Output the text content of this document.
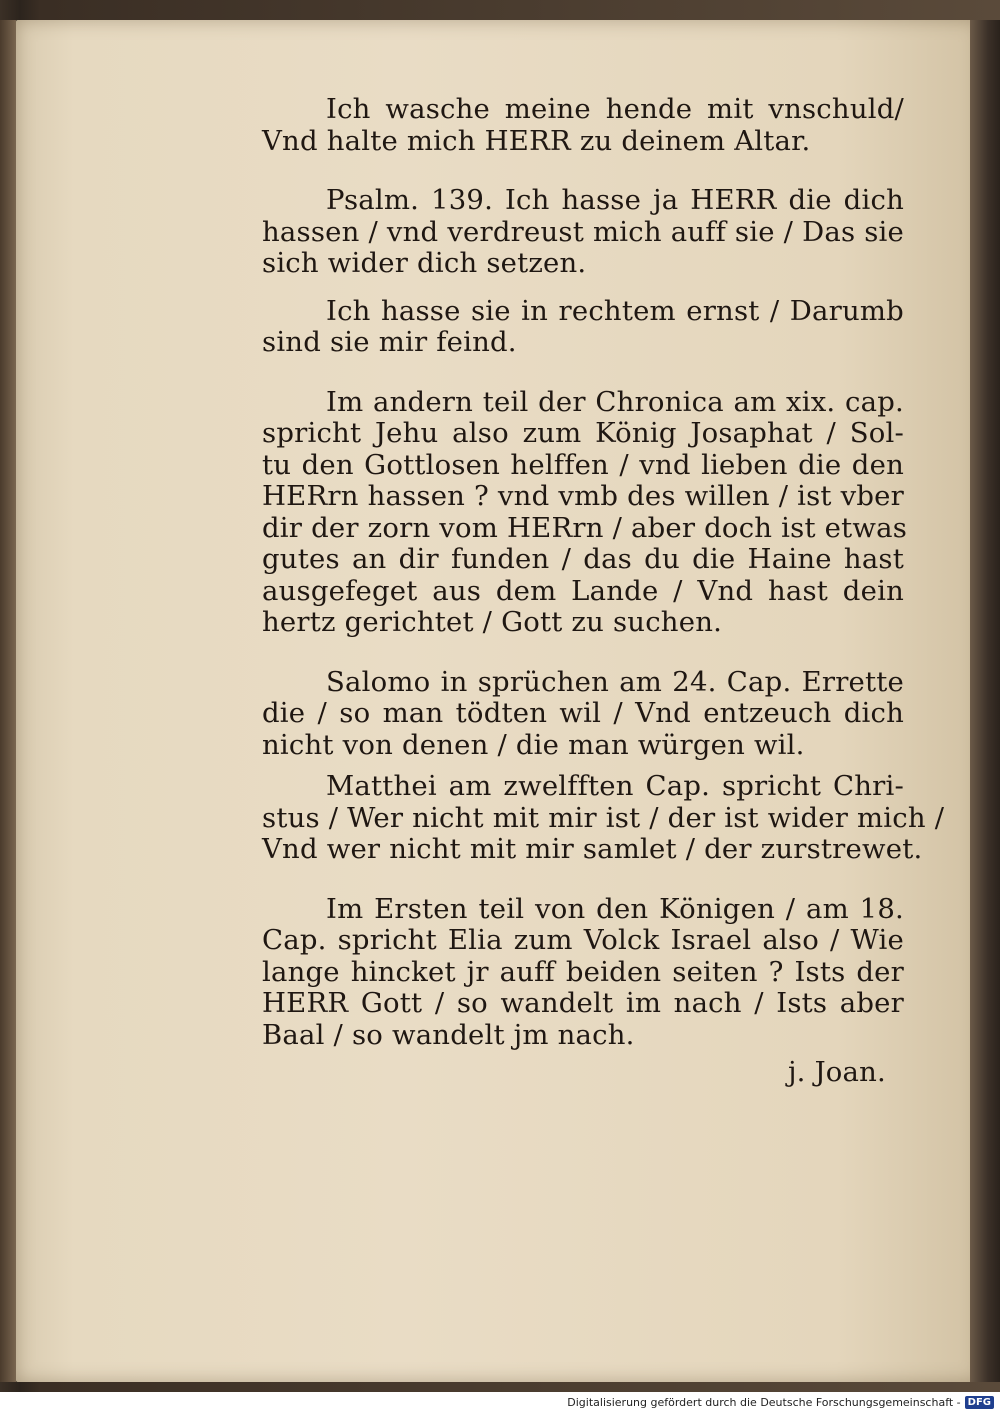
Ich wasche meine hende mit vnschuld/
Vnd halte mich HERR zu deinem Altar.
Psalm. 139. Ich hasse ja HERR die dich
hassen / vnd verdreust mich auff sie / Das sie
sich wider dich setzen.
Ich hasse sie in rechtem ernst / Darumb
sind sie mir feind.
Im andern teil der Chronica am xix. cap.
spricht Jehu also zum König Josaphat / Sol-
tu den Gottlosen helffen / vnd lieben die den
HERrn hassen ? vnd vmb des willen / ist vber
dir der zorn vom HERrn / aber doch ist etwas
gutes an dir funden / das du die Haine hast
ausgefeget aus dem Lande / Vnd hast dein
hertz gerichtet / Gott zu suchen.
Salomo in sprüchen am 24. Cap. Errette
die / so man tödten wil / Vnd entzeuch dich
nicht von denen / die man würgen wil.
Matthei am zwelfften Cap. spricht Chri-
stus / Wer nicht mit mir ist / der ist wider mich /
Vnd wer nicht mit mir samlet / der zurstrewet.
Im Ersten teil von den Königen / am 18.
Cap. spricht Elia zum Volck Israel also / Wie
lange hincket jr auff beiden seiten ? Ists der
HERR Gott / so wandelt im nach / Ists aber
Baal / so wandelt jm nach.
j. Joan.
Digitalisierung gefördert durch die Deutsche Forschungsgemeinschaft - DFG
